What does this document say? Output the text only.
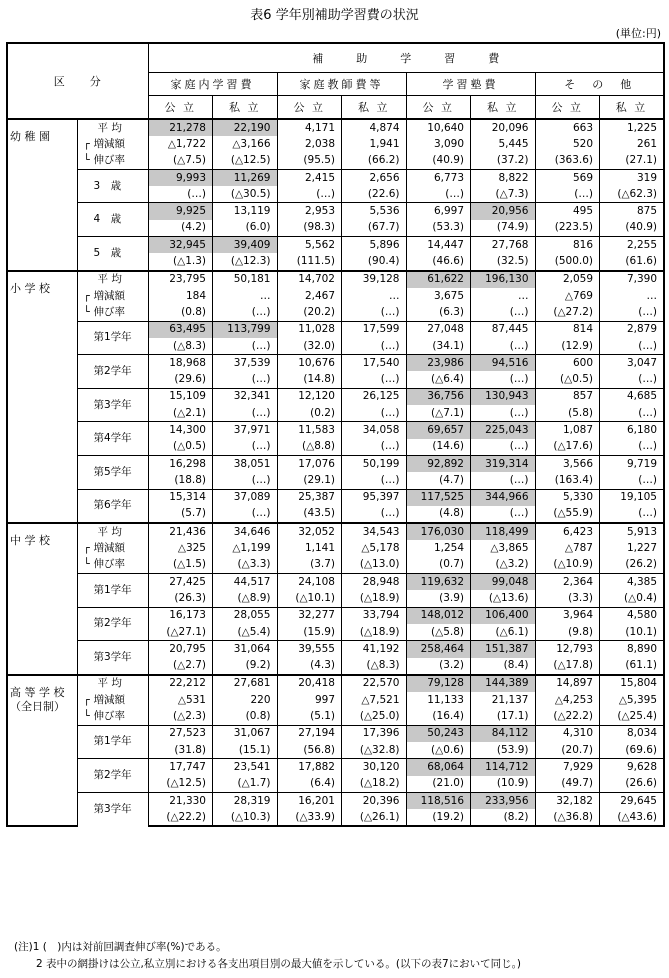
表6 学年別補助学習費の状況
(単位:円)
区　　分		補　　　助　　　学　　　習　　　費							
		家庭内学習費		家庭教師費等		学習塾費		そ　の　他	
		公 立	私 立	公 立	私 立	公 立	私 立	公 立	私 立
幼 稚 園	平 均	21,278	22,190	4,171	4,874	10,640	20,096	663	1,225
	┌ 増減額	△1,722	△3,166	2,038	1,941	3,090	5,445	520	261
	└ 伸び率	(△7.5)	(△12.5)	(95.5)	(66.2)	(40.9)	(37.2)	(363.6)	(27.1)
	3　歳	9,993	11,269	2,415	2,656	6,773	8,822	569	319
		(…)	(△30.5)	(…)	(22.6)	(…)	(△7.3)	(…)	(△62.3)
	4　歳	9,925	13,119	2,953	5,536	6,997	20,956	495	875
		(4.2)	(6.0)	(98.3)	(67.7)	(53.3)	(74.9)	(223.5)	(40.9)
	5　歳	32,945	39,409	5,562	5,896	14,447	27,768	816	2,255
		(△1.3)	(△12.3)	(111.5)	(90.4)	(46.6)	(32.5)	(500.0)	(61.6)
小 学 校	平 均	23,795	50,181	14,702	39,128	61,622	196,130	2,059	7,390
	┌ 増減額	184	…	2,467	…	3,675	…	△769	…
	└ 伸び率	(0.8)	(…)	(20.2)	(…)	(6.3)	(…)	(△27.2)	(…)
	第1学年	63,495	113,799	11,028	17,599	27,048	87,445	814	2,879
		(△8.3)	(…)	(32.0)	(…)	(34.1)	(…)	(12.9)	(…)
	第2学年	18,968	37,539	10,676	17,540	23,986	94,516	600	3,047
		(29.6)	(…)	(14.8)	(…)	(△6.4)	(…)	(△0.5)	(…)
	第3学年	15,109	32,341	12,120	26,125	36,756	130,943	857	4,685
		(△2.1)	(…)	(0.2)	(…)	(△7.1)	(…)	(5.8)	(…)
	第4学年	14,300	37,971	11,583	34,058	69,657	225,043	1,087	6,180
		(△0.5)	(…)	(△8.8)	(…)	(14.6)	(…)	(△17.6)	(…)
	第5学年	16,298	38,051	17,076	50,199	92,892	319,314	3,566	9,719
		(18.8)	(…)	(29.1)	(…)	(4.7)	(…)	(163.4)	(…)
	第6学年	15,314	37,089	25,387	95,397	117,525	344,966	5,330	19,105
		(5.7)	(…)	(43.5)	(…)	(4.8)	(…)	(△55.9)	(…)
中 学 校	平 均	21,436	34,646	32,052	34,543	176,030	118,499	6,423	5,913
	┌ 増減額	△325	△1,199	1,141	△5,178	1,254	△3,865	△787	1,227
	└ 伸び率	(△1.5)	(△3.3)	(3.7)	(△13.0)	(0.7)	(△3.2)	(△10.9)	(26.2)
	第1学年	27,425	44,517	24,108	28,948	119,632	99,048	2,364	4,385
		(26.3)	(△8.9)	(△10.1)	(△18.9)	(3.9)	(△13.6)	(3.3)	(△0.4)
	第2学年	16,173	28,055	32,277	33,794	148,012	106,400	3,964	4,580
		(△27.1)	(△5.4)	(15.9)	(△18.9)	(△5.8)	(△6.1)	(9.8)	(10.1)
	第3学年	20,795	31,064	39,555	41,192	258,464	151,387	12,793	8,890
		(△2.7)	(9.2)	(4.3)	(△8.3)	(3.2)	(8.4)	(△17.8)	(61.1)
高 等 学 校
（全日制）	平 均	22,212	27,681	20,418	22,570	79,128	144,389	14,897	15,804
	┌ 増減額	△531	220	997	△7,521	11,133	21,137	△4,253	△5,395
	└ 伸び率	(△2.3)	(0.8)	(5.1)	(△25.0)	(16.4)	(17.1)	(△22.2)	(△25.4)
	第1学年	27,523	31,067	27,194	17,396	50,243	84,112	4,310	8,034
		(31.8)	(15.1)	(56.8)	(△32.8)	(△0.6)	(53.9)	(20.7)	(69.6)
	第2学年	17,747	23,541	17,882	30,120	68,064	114,712	7,929	9,628
		(△12.5)	(△1.7)	(6.4)	(△18.2)	(21.0)	(10.9)	(49.7)	(26.6)
	第3学年	21,330	28,319	16,201	20,396	118,516	233,956	32,182	29,645
		(△22.2)	(△10.3)	(△33.9)	(△26.1)	(19.2)	(8.2)	(△36.8)	(△43.6)
(注)1 (　)内は対前回調査伸び率(%)である。
2 表中の網掛けは公立,私立別における各支出項目別の最大値を示している。(以下の表7において同じ。)
